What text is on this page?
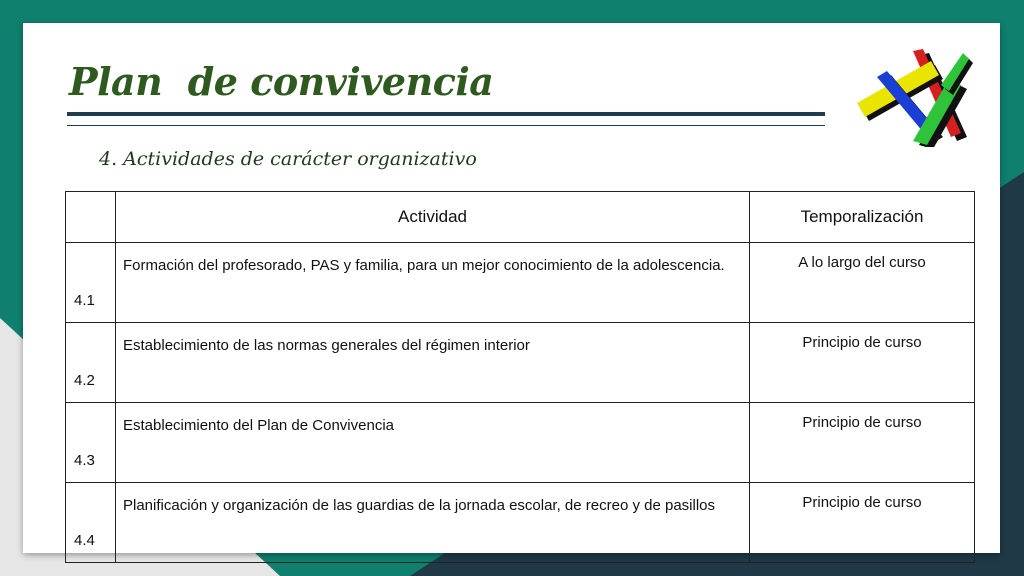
Plan  de convivencia
4. Actividades de carácter organizativo
	Actividad	Temporalización
4.1	Formación del profesorado, PAS y familia, para un mejor conocimiento de la adolescencia.	A lo largo del curso
4.2	Establecimiento de las normas generales del régimen interior	Principio de curso
4.3	Establecimiento del Plan de Convivencia	Principio de curso
4.4	Planificación y organización de las guardias de la jornada escolar, de recreo y de pasillos	Principio de curso
